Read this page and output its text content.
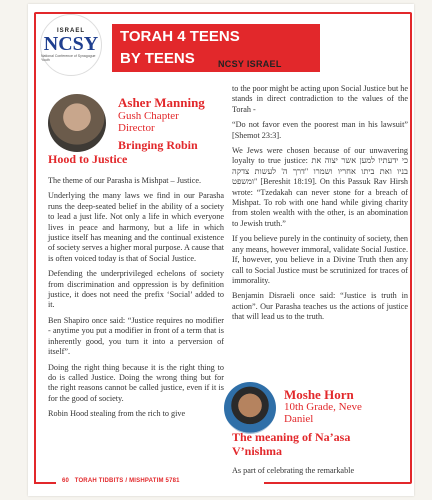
ISRAEL
NCSY
National Conference of Synagogue Youth
TORAH 4 TEENS
BY TEENS	NCSY ISRAEL
Asher Manning
Gush Chapter
Director
Bringing Robin
Hood to Justice

The theme of our Parasha is Mishpat – Justice.

Underlying the many laws we find in our Parasha runs the deep-seated belief in the ability of a society to lead a just life. Not only a life in which everyone lives in peace and harmony, but a life in which justice itself has meaning and the continual existence of society serves a higher moral purpose. A cause that is often voiced today is that of Social Justice.

Defending the underprivileged echelons of society from discrimination and oppression is by definition justice, it does not need the prefix ‘Social’ added to it.

Ben Shapiro once said: “Justice requires no modifier - anytime you put a modifier in front of a term that is inherently good, you turn it into a perversion of itself”.

Doing the right thing because it is the right thing to do is called Justice. Doing the wrong thing but for the right reasons cannot be called justice, even if it is for the good of society.

Robin Hood stealing from the rich to give

to the poor might be acting upon Social Justice but he stands in direct contradiction to the values of the Torah -

“Do not favor even the poorest man in his lawsuit” [Shemot 23:3].

We Jews were chosen because of our unwavering loyalty to true justice: כי ידעתיו למען אשר יצוה את בניו ואת ביתו אחריו ושמרו "דרך ה' לעשות צדקה ומשפט" [Bereshit 18:19]. On this Passuk Rav Hirsh wrote: “Tzedakah can never stone for a breach of Mishpat. To rob with one hand while giving charity from stolen wealth with the other, is an abomination to Jewish truth.”

If you believe purely in the continuity of society, then any means, however immoral, validate Social Justice. If, however, you believe in a Divine Truth then any call to Social Justice must be scrutinized for traces of immorality.

Benjamin Disraeli once said: “Justice is truth in action”. Our Parasha teaches us the actions of justice that will lead us to the truth.

Moshe Horn
10th Grade, Neve
Daniel
The meaning of Na’asa
V’nishma
As part of celebrating the remarkable
60 TORAH TIDBITS / MISHPATIM 5781
